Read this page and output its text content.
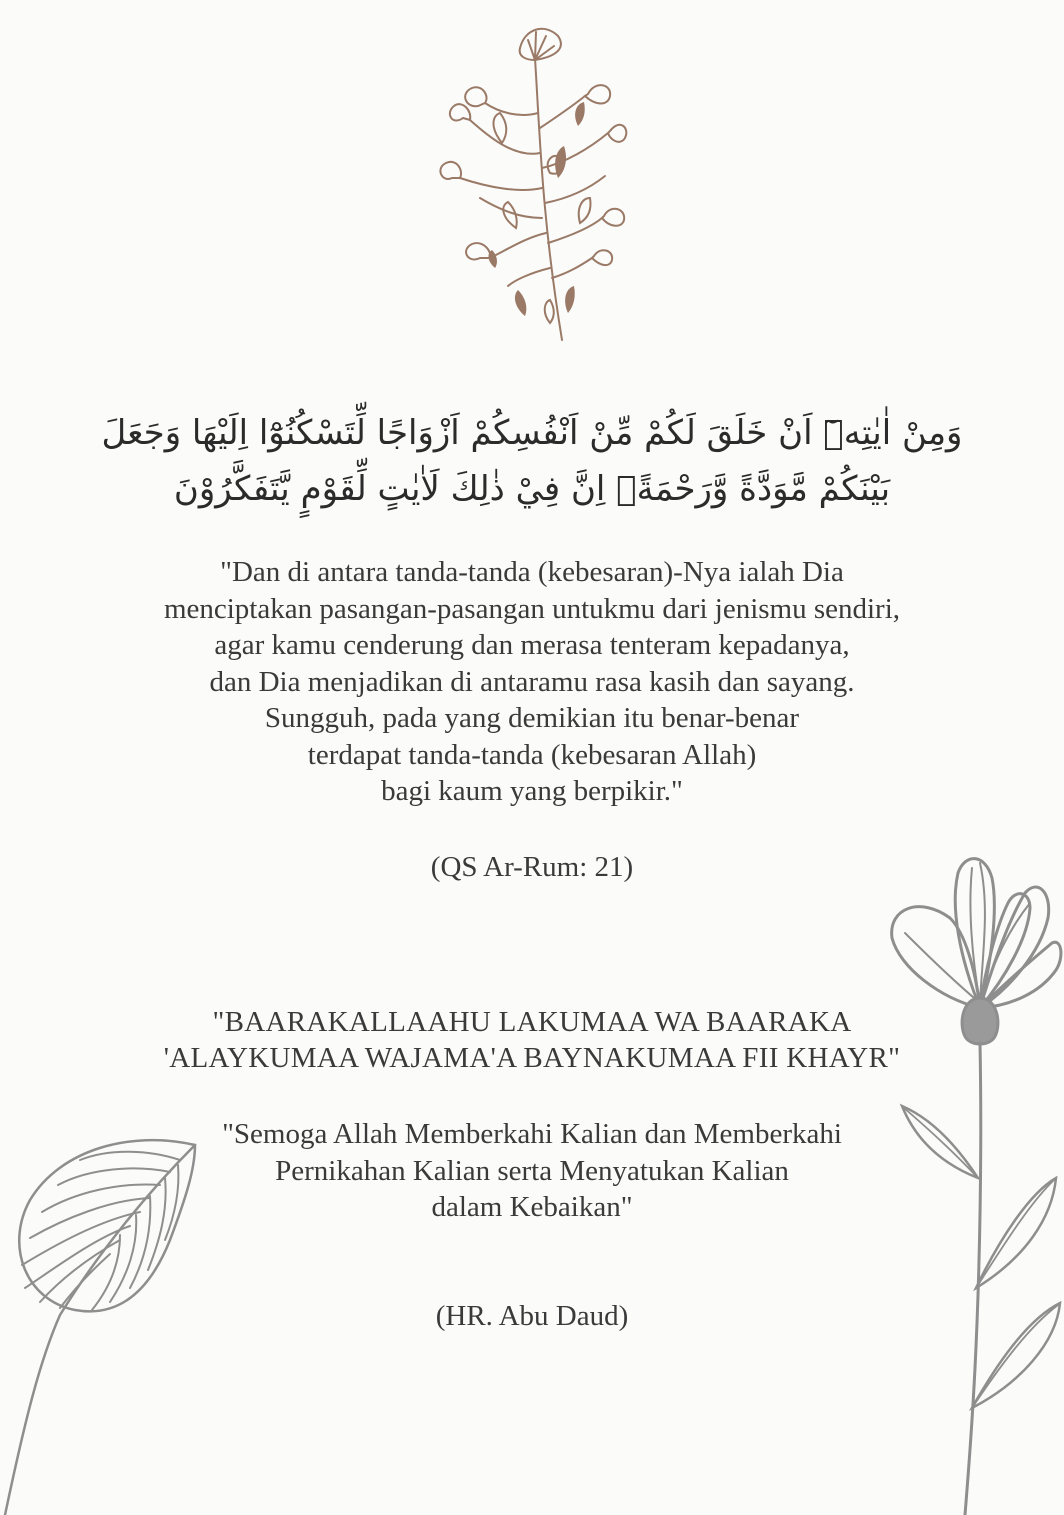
وَمِنْ اٰيٰتِهٖٓ اَنْ خَلَقَ لَكُمْ مِّنْ اَنْفُسِكُمْ اَزْوَاجًا لِّتَسْكُنُوْٓا اِلَيْهَا وَجَعَلَ
بَيْنَكُمْ مَّوَدَّةً وَّرَحْمَةًۗ اِنَّ فِيْ ذٰلِكَ لَاٰيٰتٍ لِّقَوْمٍ يَّتَفَكَّرُوْنَ
"Dan di antara tanda-tanda (kebesaran)-Nya ialah Dia
menciptakan pasangan-pasangan untukmu dari jenismu sendiri,
agar kamu cenderung dan merasa tenteram kepadanya,
dan Dia menjadikan di antaramu rasa kasih dan sayang.
Sungguh, pada yang demikian itu benar-benar
terdapat tanda-tanda (kebesaran Allah)
bagi kaum yang berpikir."
(QS Ar-Rum: 21)
"BAARAKALLAAHU LAKUMAA WA BAARAKA
'ALAYKUMAA WAJAMA'A BAYNAKUMAA FII KHAYR"
"Semoga Allah Memberkahi Kalian dan Memberkahi
Pernikahan Kalian serta Menyatukan Kalian
dalam Kebaikan"
(HR. Abu Daud)
